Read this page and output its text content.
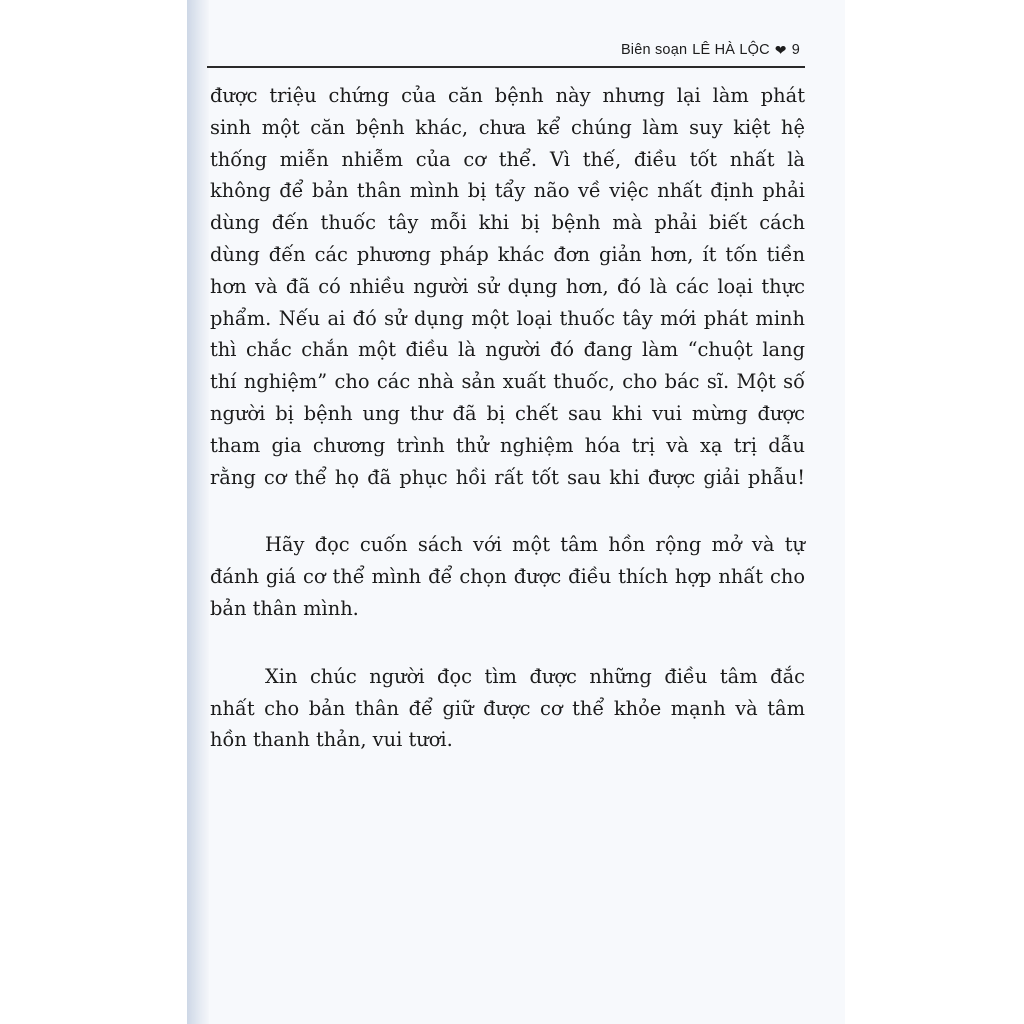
Biên soạn LÊ HÀ LỘC ❤ 9
được triệu chứng của căn bệnh này nhưng lại làm phát
sinh một căn bệnh khác, chưa kể chúng làm suy kiệt hệ
thống miễn nhiễm của cơ thể. Vì thế, điều tốt nhất là
không để bản thân mình bị tẩy não về việc nhất định phải
dùng đến thuốc tây mỗi khi bị bệnh mà phải biết cách
dùng đến các phương pháp khác đơn giản hơn, ít tốn tiền
hơn và đã có nhiều người sử dụng hơn, đó là các loại thực
phẩm. Nếu ai đó sử dụng một loại thuốc tây mới phát minh
thì chắc chắn một điều là người đó đang làm “chuột lang
thí nghiệm” cho các nhà sản xuất thuốc, cho bác sĩ. Một số
người bị bệnh ung thư đã bị chết sau khi vui mừng được
tham gia chương trình thử nghiệm hóa trị và xạ trị dẫu
rằng cơ thể họ đã phục hồi rất tốt sau khi được giải phẫu!
Hãy đọc cuốn sách với một tâm hồn rộng mở và tự
đánh giá cơ thể mình để chọn được điều thích hợp nhất cho
bản thân mình.
Xin chúc người đọc tìm được những điều tâm đắc
nhất cho bản thân để giữ được cơ thể khỏe mạnh và tâm
hồn thanh thản, vui tươi.
